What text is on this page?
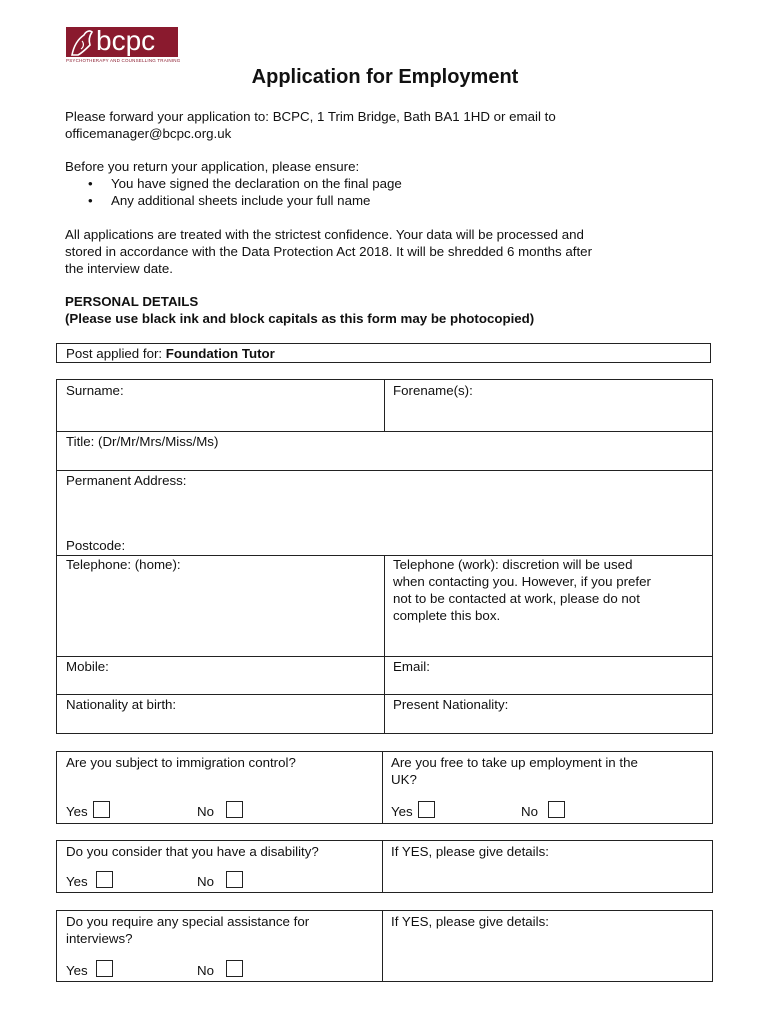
bcpc
PSYCHOTHERAPY AND COUNSELLING TRAINING
Application for Employment
Please forward your application to: BCPC, 1 Trim Bridge, Bath BA1 1HD or email to
officemanager@bcpc.org.uk
Before you return your application, please ensure:
• You have signed the declaration on the final page
• Any additional sheets include your full name
All applications are treated with the strictest confidence. Your data will be processed and
stored in accordance with the Data Protection Act 2018. It will be shredded 6 months after
the interview date.
PERSONAL DETAILS
(Please use black ink and block capitals as this form may be photocopied)
Post applied for: Foundation Tutor
Surname:	Forename(s):
Title: (Dr/Mr/Mrs/Miss/Ms)
Permanent Address:
Postcode:
Telephone: (home):	Telephone (work): discretion will be used
when contacting you. However, if you prefer
not to be contacted at work, please do not
complete this box.
Mobile:	Email:
Nationality at birth:	Present Nationality:
Are you subject to immigration control?
Yes	No
Are you free to take up employment in the
UK?
Yes	No
Do you consider that you have a disability?
Yes	No
If YES, please give details:
Do you require any special assistance for
interviews?
Yes	No
If YES, please give details:
